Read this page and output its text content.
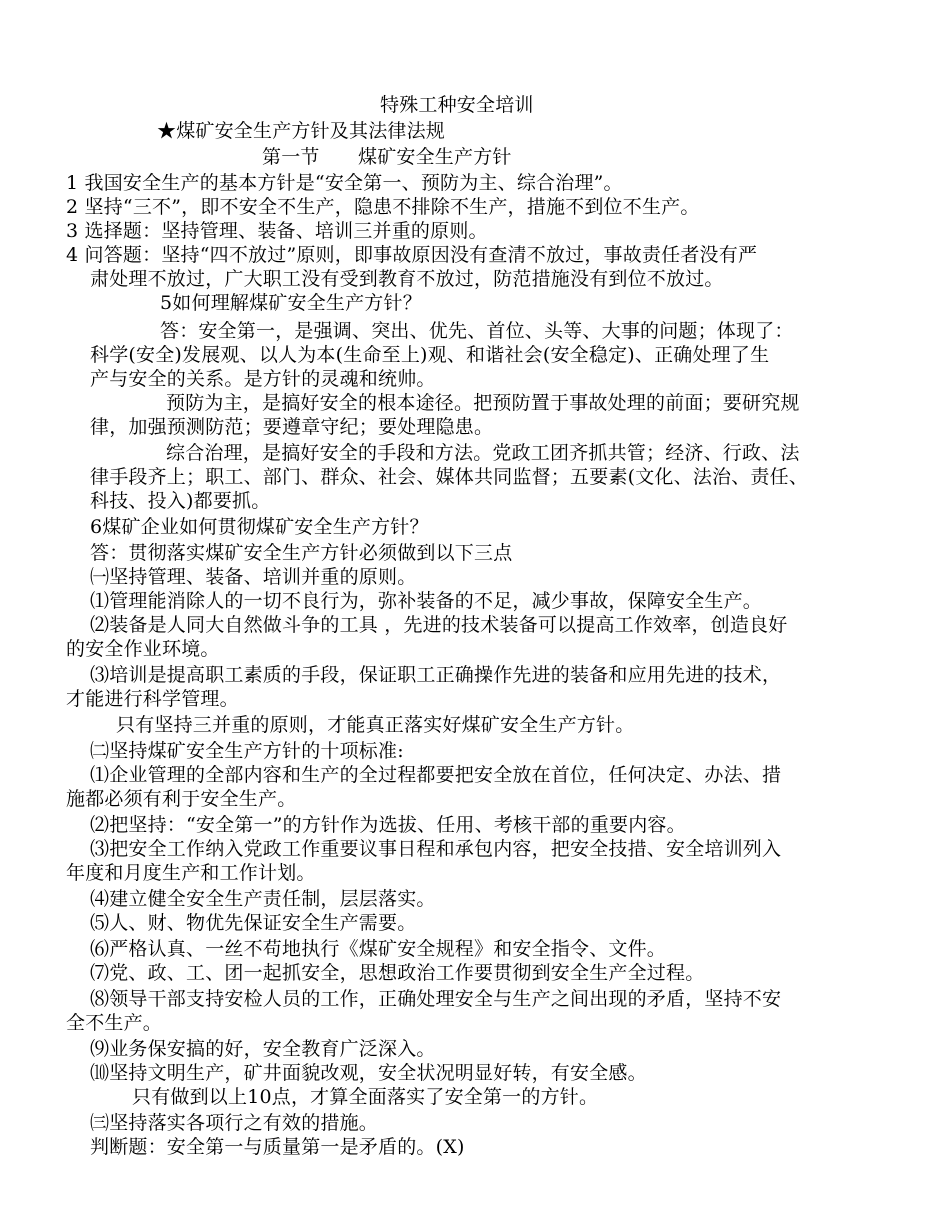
特殊工种安全培训
★煤矿安全生产方针及其法律法规
第一节　　煤矿安全生产方针
1 我国安全生产的基本方针是“安全第一、预防为主、综合治理”。
2 坚持“三不”，即不安全不生产，隐患不排除不生产，措施不到位不生产。
3 选择题：坚持管理、装备、培训三并重的原则。
4 问答题：坚持“四不放过”原则，即事故原因没有查清不放过，事故责任者没有严
肃处理不放过，广大职工没有受到教育不放过，防范措施没有到位不放过。
5如何理解煤矿安全生产方针？
答：安全第一，是强调、突出、优先、首位、头等、大事的问题；体现了：
科学(安全)发展观、以人为本(生命至上)观、和谐社会(安全稳定)、正确处理了生
产与安全的关系。是方针的灵魂和统帅。
预防为主，是搞好安全的根本途径。把预防置于事故处理的前面；要研究规
律，加强预测防范；要遵章守纪；要处理隐患。
综合治理，是搞好安全的手段和方法。党政工团齐抓共管；经济、行政、法
律手段齐上；职工、部门、群众、社会、媒体共同监督；五要素(文化、法治、责任、
科技、投入)都要抓。
6煤矿企业如何贯彻煤矿安全生产方针？
答：贯彻落实煤矿安全生产方针必须做到以下三点
㈠坚持管理、装备、培训并重的原则。
⑴管理能消除人的一切不良行为，弥补装备的不足，减少事故，保障安全生产。
⑵装备是人同大自然做斗争的工具 ，先进的技术装备可以提高工作效率，创造良好
的安全作业环境。
⑶培训是提高职工素质的手段，保证职工正确操作先进的装备和应用先进的技术，
才能进行科学管理。
只有坚持三并重的原则，才能真正落实好煤矿安全生产方针。
㈡坚持煤矿安全生产方针的十项标准:
⑴企业管理的全部内容和生产的全过程都要把安全放在首位，任何决定、办法、措
施都必须有利于安全生产。
⑵把坚持：“安全第一”的方针作为选拔、任用、考核干部的重要内容。
⑶把安全工作纳入党政工作重要议事日程和承包内容，把安全技措、安全培训列入
年度和月度生产和工作计划。
⑷建立健全安全生产责任制，层层落实。
⑸人、财、物优先保证安全生产需要。
⑹严格认真、一丝不苟地执行《煤矿安全规程》和安全指令、文件。
⑺党、政、工、团一起抓安全，思想政治工作要贯彻到安全生产全过程。
⑻领导干部支持安检人员的工作，正确处理安全与生产之间出现的矛盾，坚持不安
全不生产。
⑼业务保安搞的好，安全教育广泛深入。
⑽坚持文明生产，矿井面貌改观，安全状况明显好转，有安全感。
只有做到以上10点，才算全面落实了安全第一的方针。
㈢坚持落实各项行之有效的措施。
判断题：安全第一与质量第一是矛盾的。(X)
